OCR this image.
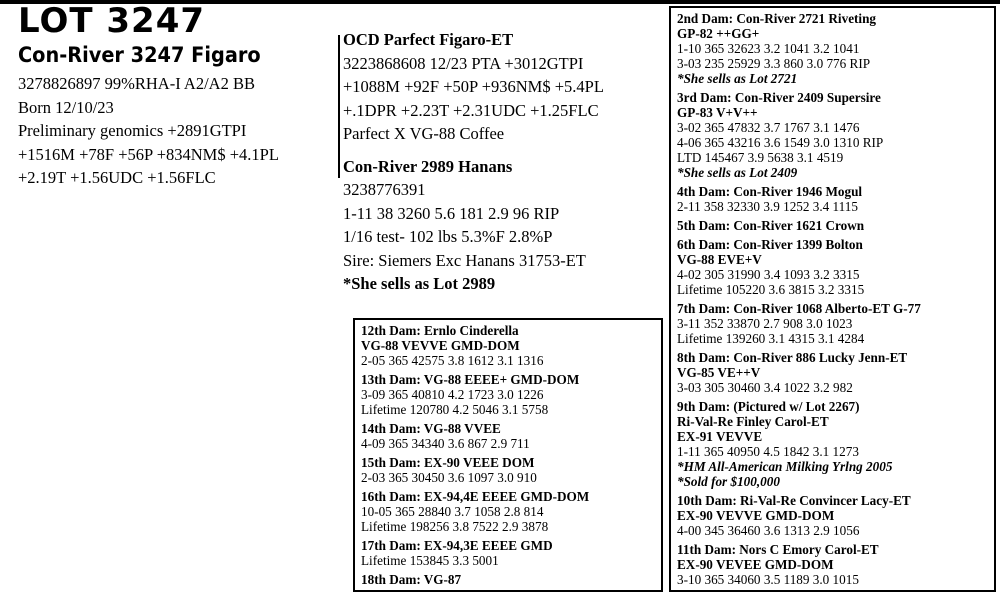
LOT 3247
Con-River 3247 Figaro
3278826897 99%RHA-I A2/A2 BB
Born 12/10/23
Preliminary genomics +2891GTPI
+1516M +78F +56P +834NM$ +4.1PL
+2.19T +1.56UDC +1.56FLC
OCD Parfect Figaro-ET
3223868608 12/23 PTA +3012GTPI
+1088M +92F +50P +936NM$ +5.4PL
+.1DPR +2.23T +2.31UDC +1.25FLC
Parfect X VG-88 Coffee
Con-River 2989 Hanans
3238776391
1-11 38 3260 5.6 181 2.9 96 RIP
1/16 test- 102 lbs 5.3%F 2.8%P
Sire: Siemers Exc Hanans 31753-ET
*She sells as Lot 2989
12th Dam: Ernlo Cinderella
VG-88 VEVVE GMD-DOM
2-05 365 42575 3.8 1612 3.1 1316
13th Dam: VG-88 EEEE+ GMD-DOM
3-09 365 40810 4.2 1723 3.0 1226
Lifetime 120780 4.2 5046 3.1 5758
14th Dam: VG-88 VVEE
4-09 365 34340 3.6 867 2.9 711
15th Dam: EX-90 VEEE DOM
2-03 365 30450 3.6 1097 3.0 910
16th Dam: EX-94,4E EEEE GMD-DOM
10-05 365 28840 3.7 1058 2.8 814
Lifetime 198256 3.8 7522 2.9 3878
17th Dam: EX-94,3E EEEE GMD
Lifetime 153845 3.3 5001
18th Dam: VG-87
2nd Dam: Con-River 2721 Riveting
GP-82 ++GG+
1-10 365 32623 3.2 1041 3.2 1041
3-03 235 25929 3.3 860 3.0 776 RIP
*She sells as Lot 2721
3rd Dam: Con-River 2409 Supersire
GP-83 V+V++
3-02 365 47832 3.7 1767 3.1 1476
4-06 365 43216 3.6 1549 3.0 1310 RIP
LTD 145467 3.9 5638 3.1 4519
*She sells as Lot 2409
4th Dam: Con-River 1946 Mogul
2-11 358 32330 3.9 1252 3.4 1115
5th Dam: Con-River 1621 Crown
6th Dam: Con-River 1399 Bolton
VG-88 EVE+V
4-02 305 31990 3.4 1093 3.2 3315
Lifetime 105220 3.6 3815 3.2 3315
7th Dam: Con-River 1068 Alberto-ET G-77
3-11 352 33870 2.7 908 3.0 1023
Lifetime 139260 3.1 4315 3.1 4284
8th Dam: Con-River 886 Lucky Jenn-ET
VG-85 VE++V
3-03 305 30460 3.4 1022 3.2 982
9th Dam: (Pictured w/ Lot 2267)
Ri-Val-Re Finley Carol-ET
EX-91 VEVVE
1-11 365 40950 4.5 1842 3.1 1273
*HM All-American Milking Yrlng 2005
*Sold for $100,000
10th Dam: Ri-Val-Re Convincer Lacy-ET
EX-90 VEVVE GMD-DOM
4-00 345 36460 3.6 1313 2.9 1056
11th Dam: Nors C Emory Carol-ET
EX-90 VEVEE GMD-DOM
3-10 365 34060 3.5 1189 3.0 1015
